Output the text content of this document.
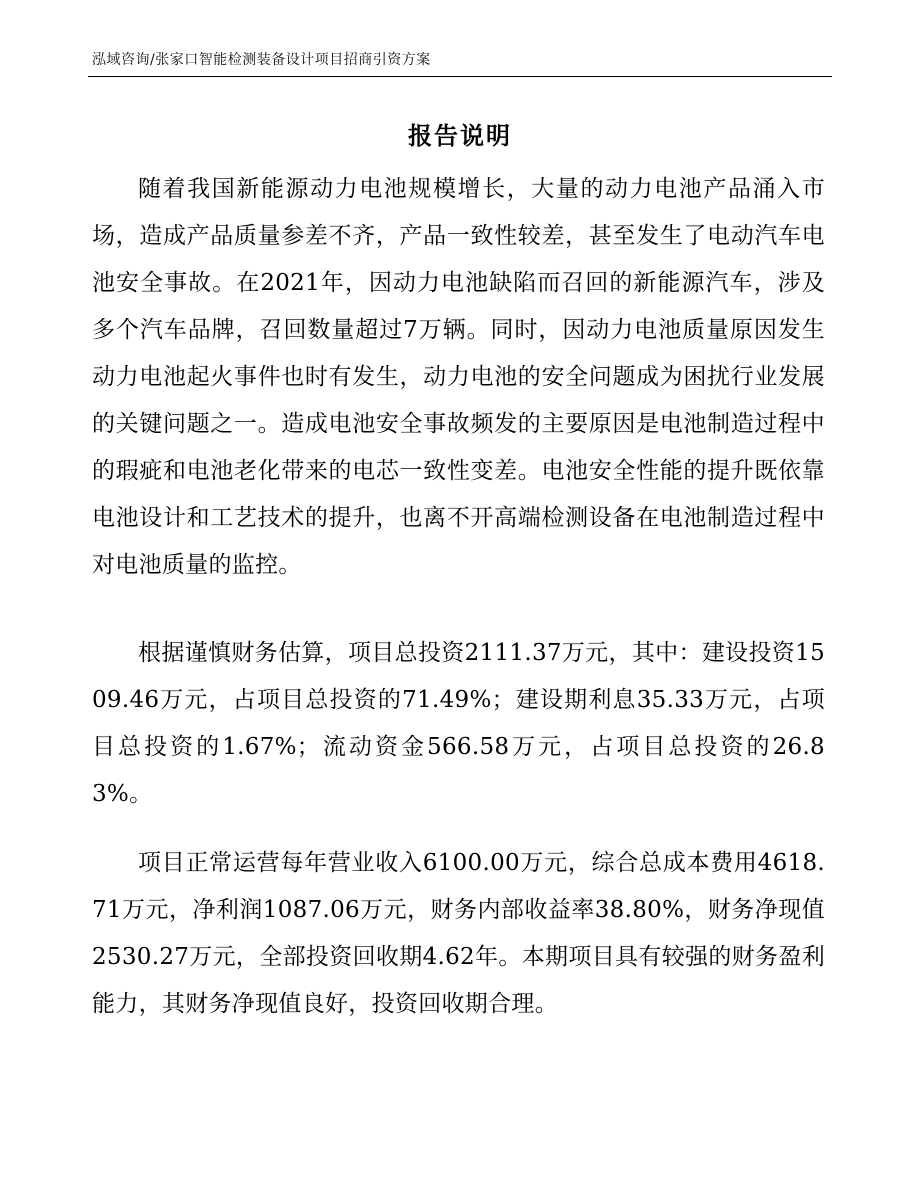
泓域咨询/张家口智能检测装备设计项目招商引资方案
报告说明

随着我国新能源动力电池规模增长，大量的动力电池产品涌入市场，造成产品质量参差不齐，产品一致性较差，甚至发生了电动汽车电池安全事故。在2021年，因动力电池缺陷而召回的新能源汽车，涉及多个汽车品牌，召回数量超过7万辆。同时，因动力电池质量原因发生动力电池起火事件也时有发生，动力电池的安全问题成为困扰行业发展的关键问题之一。造成电池安全事故频发的主要原因是电池制造过程中的瑕疵和电池老化带来的电芯一致性变差。电池安全性能的提升既依靠电池设计和工艺技术的提升，也离不开高端检测设备在电池制造过程中对电池质量的监控。

根据谨慎财务估算，项目总投资2111.37万元，其中：建设投资1509.46万元，占项目总投资的71.49%；建设期利息35.33万元，占项目总投资的1.67%；流动资金566.58万元，占项目总投资的26.83%。

项目正常运营每年营业收入6100.00万元，综合总成本费用4618.71万元，净利润1087.06万元，财务内部收益率38.80%，财务净现值2530.27万元，全部投资回收期4.62年。本期项目具有较强的财务盈利能力，其财务净现值良好，投资回收期合理。
